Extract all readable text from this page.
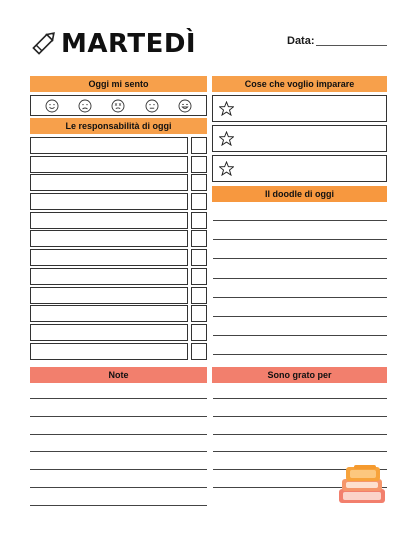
MARTEDÌ	Data:
Oggi mi sento
Le responsabilità di oggi
Note
Cose che voglio imparare
Il doodle di oggi
Sono grato per
